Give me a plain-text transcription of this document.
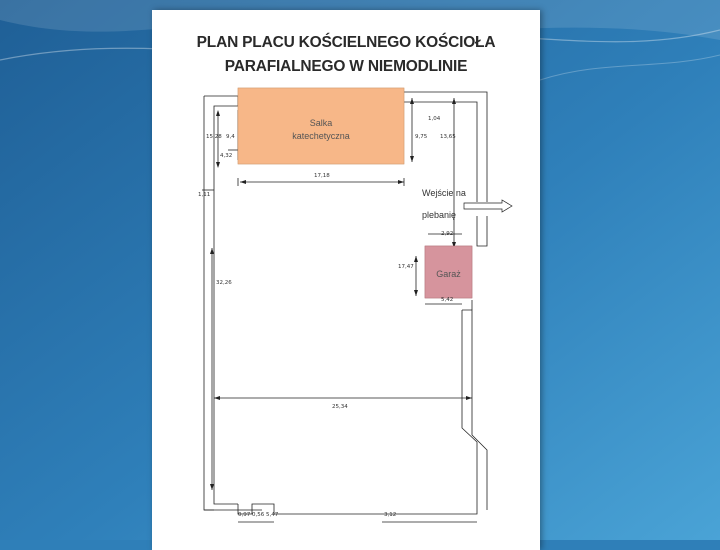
PLAN PLACU KOŚCIELNEGO KOŚCIOŁA
PARAFIALNEGO W NIEMODLINIE
Salka
katechetyczna
Garaż
Wejście na
plebanię
15,28 9,4
4,32
1,04
9,75 13,65
17,18
1,11
2,92
17,47
5,42
32,26
25,34
0,97 0,56 5,47	3,12
